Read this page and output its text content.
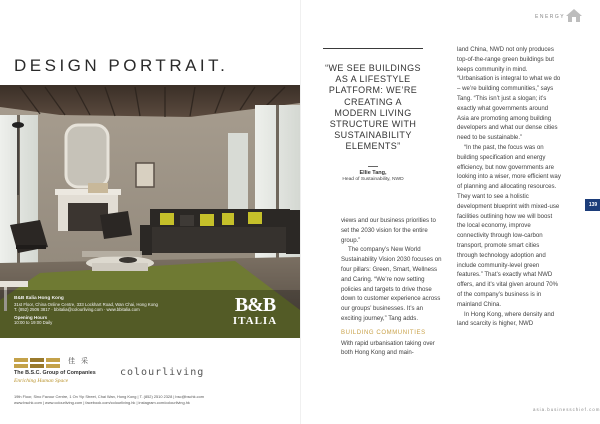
DESIGN PORTRAIT.
B&B Italia Hong Kong
31st Floor, China Online Centre, 333 Lockhart Road, Wan Chai, Hong Kong
T. (852) 2506 3817 · bbitalia@colourliving.com · www.bbitalia.com
Opening Hours
10:00 to 19:00 Daily
B&B
ITALIA
佳 采
The B.S.C. Group of Companies
Enriching Human Space
colourliving
19th Floor, Sino Favour Centre, 1 On Yip Street, Chai Wan, Hong Kong | T. (852) 2510 2328 | bsc@bschk.com
www.bschk.com | www.colourliving.com | facebook.com/colourliving.hk | instagram.com/colourliving.hk
ENERGY
“WE SEE BUILDINGS AS A LIFESTYLE PLATFORM: WE’RE CREATING A MODERN LIVING STRUCTURE WITH SUSTAINABILITY ELEMENTS”
Ellie Tang,
Head of Sustainability, NWD

views and our business priorities to set the 2030 vision for the entire group.”

The company’s New World Sustainability Vision 2030 focuses on four pillars: Green, Smart, Wellness and Caring. “We’re now setting policies and targets to drive those down to customer experience across our groups’ businesses. It’s an exciting journey,” Tang adds.

BUILDING COMMUNITIES

With rapid urbanisation taking over both Hong Kong and main-

land China, NWD not only produces top-of-the-range green buildings but keeps community in mind. “Urbanisation is integral to what we do – we’re building communities,” says Tang. “This isn’t just a slogan; it’s exactly what governments around Asia are promoting among building developers and what our dense cities need to be sustainable.”

“In the past, the focus was on building specification and energy efficiency, but now governments are looking into a wiser, more efficient way of planning and allocating resources. They want to see a holistic development blueprint with mixed-use facilities outlining how we will boost the local economy, improve connectivity through low-carbon transport, promote smart cities through technology adoption and include community-level green features.” That’s exactly what NWD offers, and it’s vital given around 70% of the company’s business is in mainland China.

In Hong Kong, where density and land scarcity is higher, NWD

139
asia.businesschief.com
